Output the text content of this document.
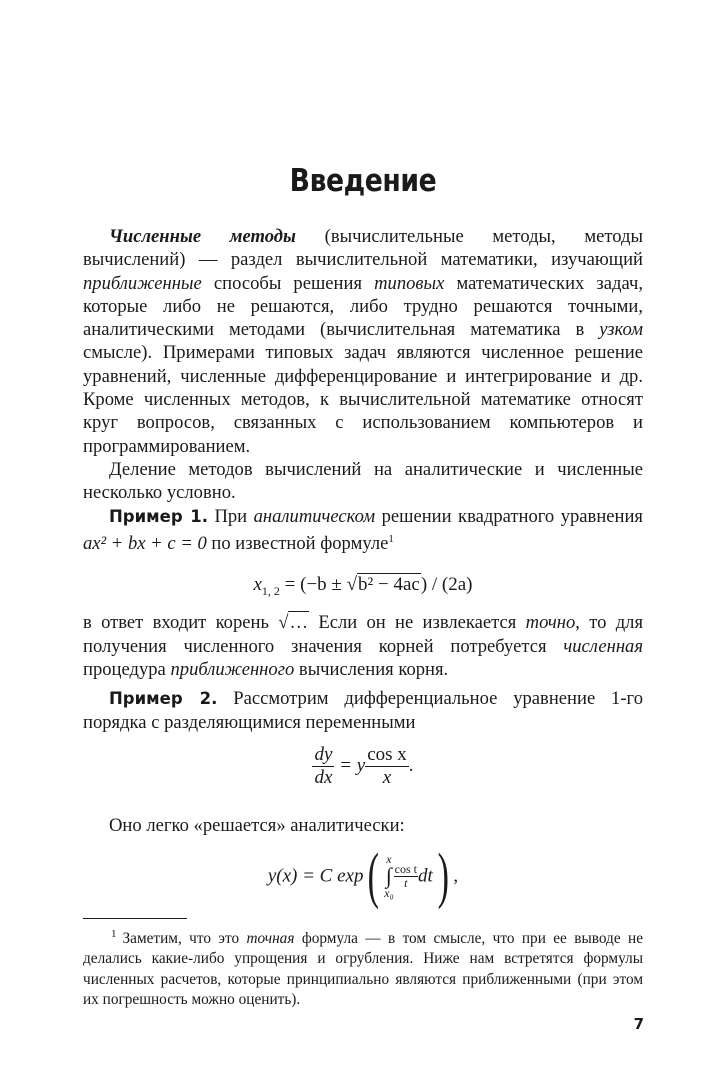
Введение

Численные методы (вычислительные методы, методы вычислений) — раздел вычислительной математики, изучающий приближенные способы решения типовых математических задач, которые либо не решаются, либо трудно решаются точными, аналитическими методами (вычислительная математика в узком смысле). Примерами типовых задач являются численное решение уравнений, численные дифференцирование и интегрирование и др. Кроме численных методов, к вычислительной математике относят круг вопросов, связанных с использованием компьютеров и программированием.

Деление методов вычислений на аналитические и численные несколько условно.

Пример 1. При аналитическом решении квадратного уравнения ax² + bx + c = 0 по известной формуле$^1$

$x_{1, 2} = (-b \pm √b^2 - 4ac) / (2a)$

в ответ входит корень √… Если он не извлекается точно, то для получения численного значения корней потребуется численная процедура приближенного вычисления корня.

Пример 2. Рассмотрим дифференциальное уравнение 1-го порядка с разделяющимися переменными

$\frac{dy}{dx} = y \frac{\text{cos x}}{x}$ .

Оно легко «решается» аналитически:

y(x) = C exp( x
∫
x₀
$\frac{\text{cos t}}{t} dt$) ,
$^1$ Заметим, что это точная формула — в том смысле, что при ее выводе не делались какие-либо упрощения и огрубления. Ниже нам встретятся формулы численных расчетов, которые принципиально являются приближенными (при этом их погрешность можно оценить).
7
